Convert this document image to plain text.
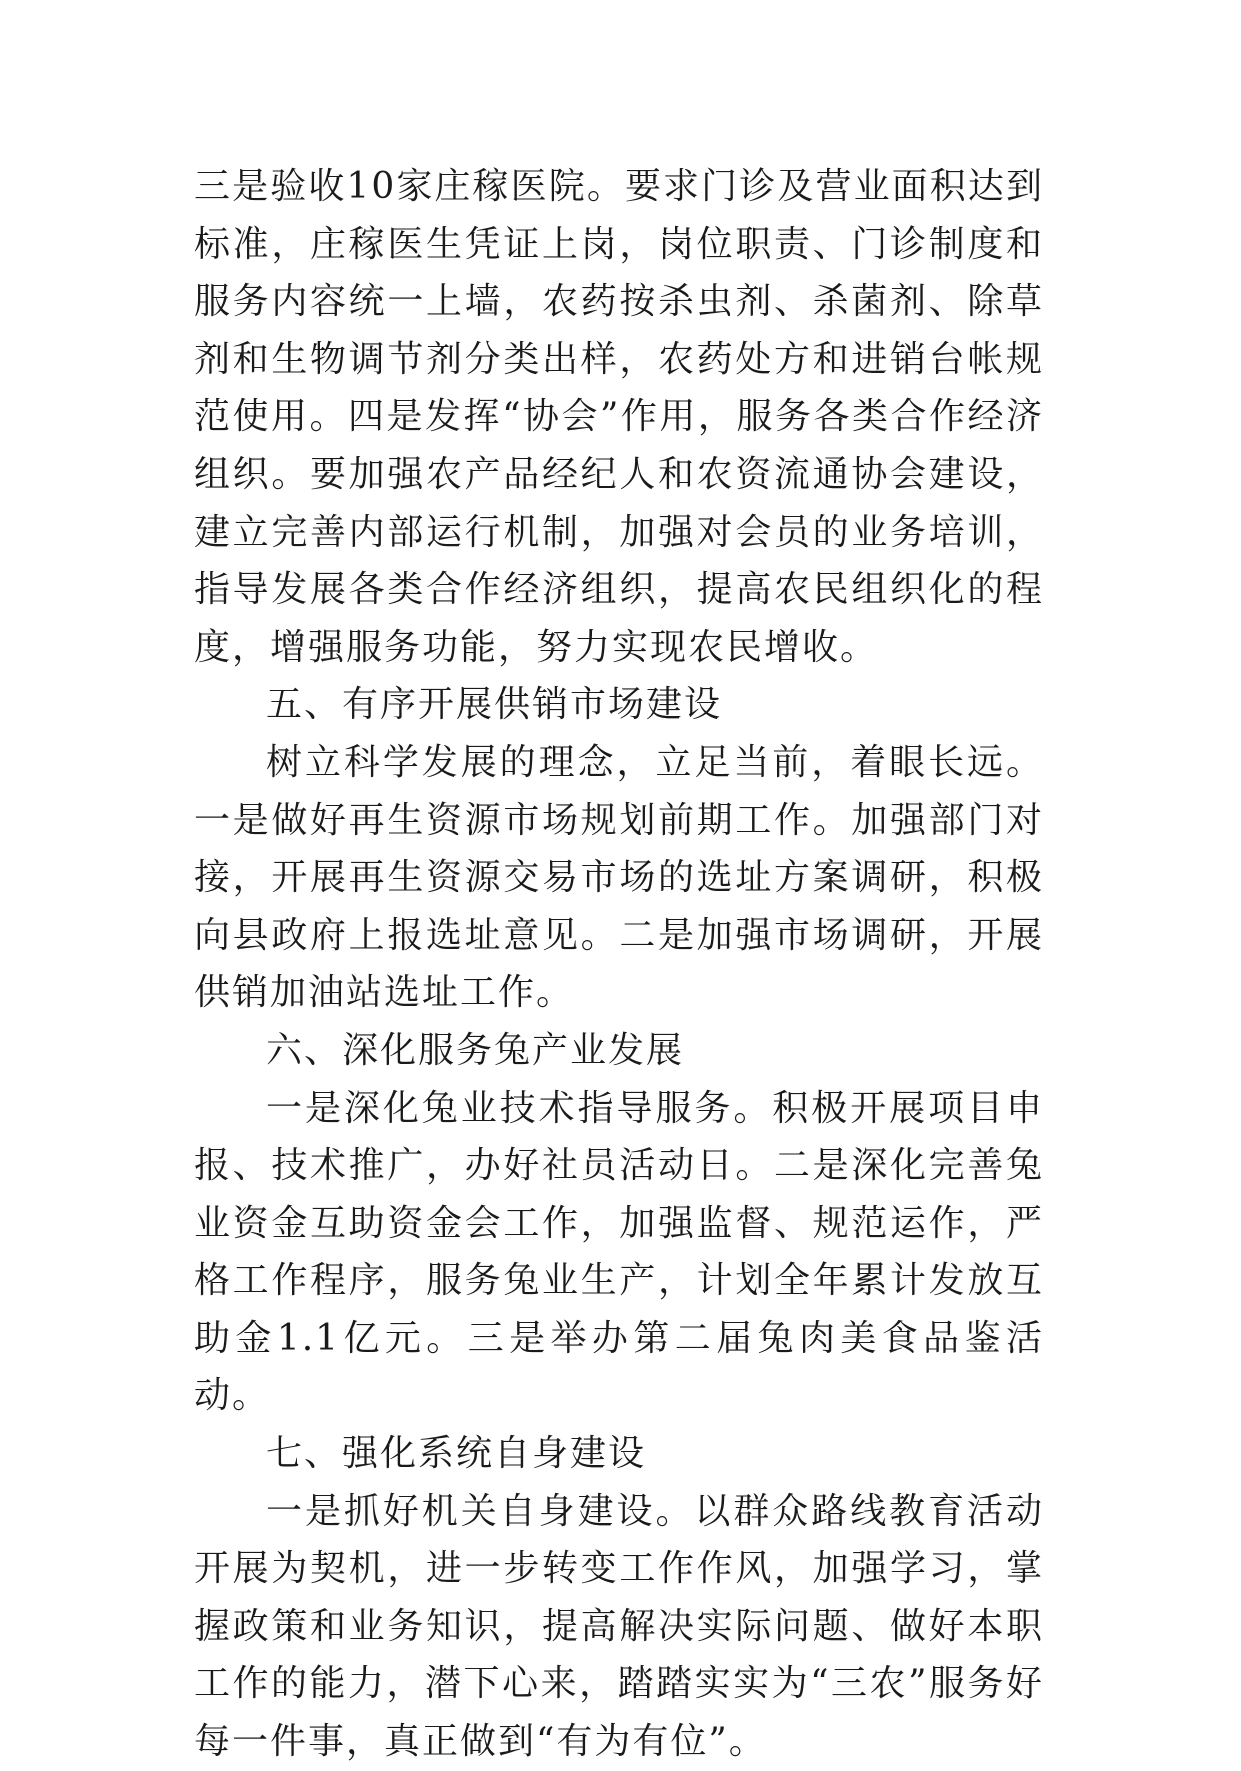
三是验收10家庄稼医院。要求门诊及营业面积达到标准，庄稼医生凭证上岗，岗位职责、门诊制度和服务内容统一上墙，农药按杀虫剂、杀菌剂、除草剂和生物调节剂分类出样，农药处方和进销台帐规范使用。四是发挥“协会”作用，服务各类合作经济组织。要加强农产品经纪人和农资流通协会建设，建立完善内部运行机制，加强对会员的业务培训，指导发展各类合作经济组织，提高农民组织化的程度，增强服务功能，努力实现农民增收。

五、有序开展供销市场建设

树立科学发展的理念，立足当前，着眼长远。一是做好再生资源市场规划前期工作。加强部门对接，开展再生资源交易市场的选址方案调研，积极向县政府上报选址意见。二是加强市场调研，开展供销加油站选址工作。

六、深化服务兔产业发展

一是深化兔业技术指导服务。积极开展项目申报、技术推广，办好社员活动日。二是深化完善兔业资金互助资金会工作，加强监督、规范运作，严格工作程序，服务兔业生产，计划全年累计发放互助金1.1亿元。三是举办第二届兔肉美食品鉴活动。

七、强化系统自身建设

一是抓好机关自身建设。以群众路线教育活动开展为契机，进一步转变工作作风，加强学习，掌握政策和业务知识，提高解决实际问题、做好本职工作的能力，潜下心来，踏踏实实为“三农”服务好每一件事，真正做到“有为有位”。
